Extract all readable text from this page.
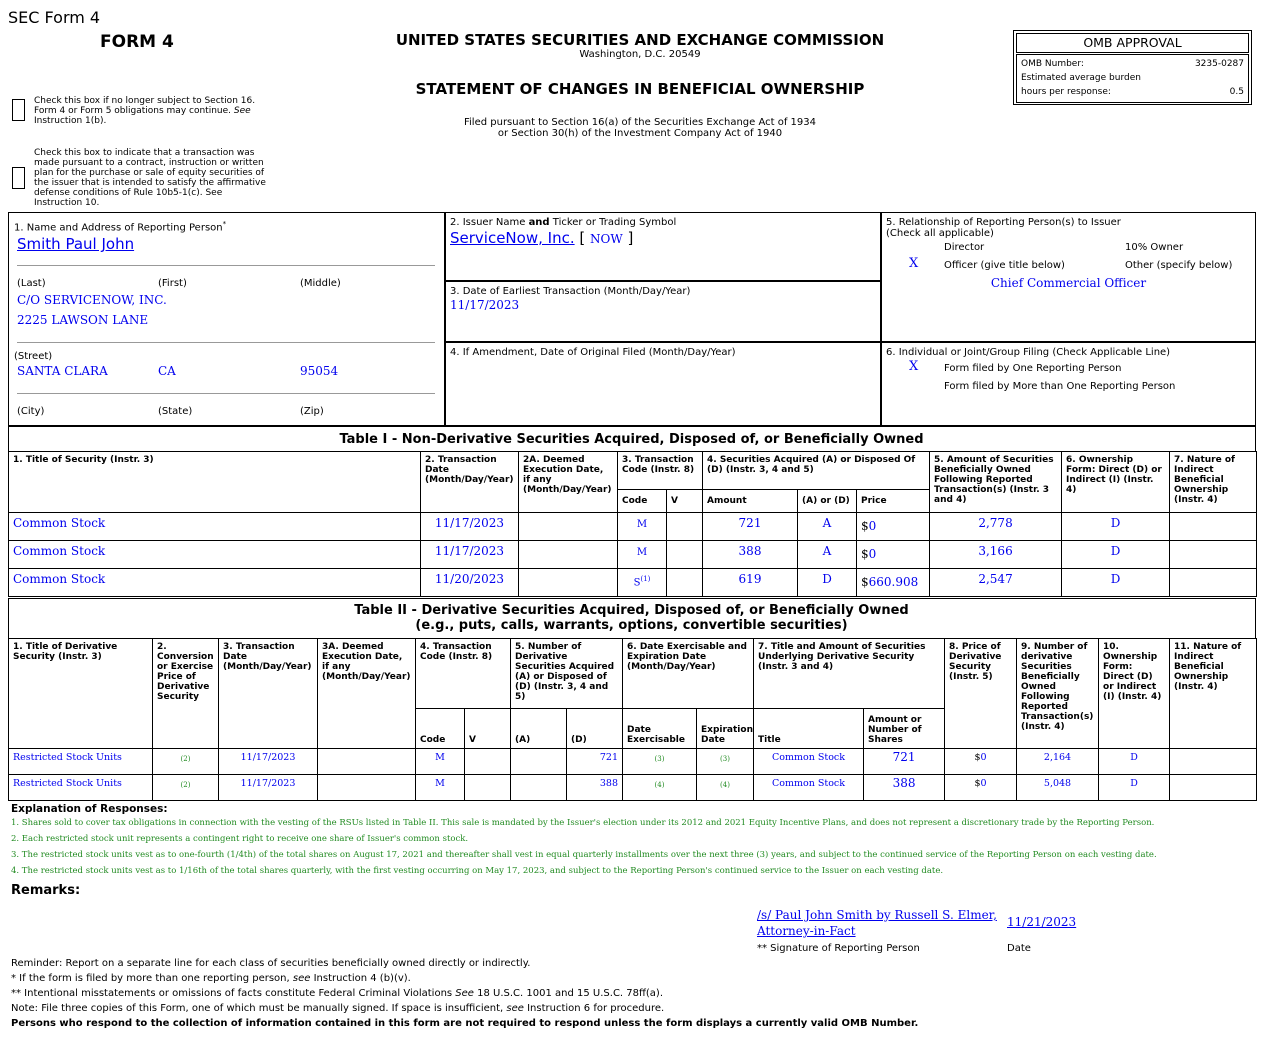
SEC Form 4
FORM 4	UNITED STATES SECURITIES AND EXCHANGE COMMISSION
Washington, D.C. 20549
STATEMENT OF CHANGES IN BENEFICIAL OWNERSHIP
Filed pursuant to Section 16(a) of the Securities Exchange Act of 1934
or Section 30(h) of the Investment Company Act of 1940
OMB APPROVAL
OMB Number:	3235-0287
Estimated average burden
hours per response:	0.5
Check this box if no longer subject to Section 16.
Form 4 or Form 5 obligations may continue. See
Instruction 1(b).
Check this box to indicate that a transaction was
made pursuant to a contract, instruction or written
plan for the purchase or sale of equity securities of
the issuer that is intended to satisfy the affirmative
defense conditions of Rule 10b5-1(c). See
Instruction 10.
1. Name and Address of Reporting Person*
Smith Paul John
(Last)	(First)	(Middle)
C/O SERVICENOW, INC.
2225 LAWSON LANE
(Street)
SANTA CLARA	CA	95054
(City)	(State)	(Zip)
2. Issuer Name and Ticker or Trading Symbol
ServiceNow, Inc. [ NOW ]
3. Date of Earliest Transaction (Month/Day/Year)
11/17/2023
4. If Amendment, Date of Original Filed (Month/Day/Year)
5. Relationship of Reporting Person(s) to Issuer
(Check all applicable)
Director	10% Owner
X	Officer (give title below)	Other (specify below)
Chief Commercial Officer
6. Individual or Joint/Group Filing (Check Applicable Line)
X	Form filed by One Reporting Person
Form filed by More than One Reporting Person
Table I - Non-Derivative Securities Acquired, Disposed of, or Beneficially Owned
1. Title of Security (Instr. 3)	2. Transaction Date (Month/Day/Year)	2A. Deemed Execution Date, if any (Month/Day/Year)	3. Transaction Code (Instr. 8)		4. Securities Acquired (A) or Disposed Of (D) (Instr. 3, 4 and 5)			5. Amount of Securities Beneficially Owned Following Reported Transaction(s) (Instr. 3 and 4)	6. Ownership Form: Direct (D) or Indirect (I) (Instr. 4)	7. Nature of Indirect Beneficial Ownership (Instr. 4)
			Code	V	Amount	(A) or (D)	Price			
Common Stock	11/17/2023		M		721	A	$0	2,778	D	
Common Stock	11/17/2023		M		388	A	$0	3,166	D	
Common Stock	11/20/2023		$S^{(1)}$		619	D	$660.908	2,547	D	
Table II - Derivative Securities Acquired, Disposed of, or Beneficially Owned
(e.g., puts, calls, warrants, options, convertible securities)
1. Title of Derivative Security (Instr. 3)	2. Conversion or Exercise Price of Derivative Security	3. Transaction Date (Month/Day/Year)	3A. Deemed Execution Date, if any (Month/Day/Year)	4. Transaction Code (Instr. 8)		5. Number of Derivative Securities Acquired (A) or Disposed of (D) (Instr. 3, 4 and 5)		6. Date Exercisable and Expiration Date (Month/Day/Year)		7. Title and Amount of Securities Underlying Derivative Security (Instr. 3 and 4)		8. Price of Derivative Security (Instr. 5)	9. Number of derivative Securities Beneficially Owned Following Reported Transaction(s) (Instr. 4)	10. Ownership Form: Direct (D) or Indirect (I) (Instr. 4)	11. Nature of Indirect Beneficial Ownership (Instr. 4)
				Code	V	(A)	(D)	Date Exercisable	Expiration Date	Title	Amount or Number of Shares				
Restricted Stock Units	(2)	11/17/2023		M			721	(3)	(3)	Common Stock	721	$0	2,164	D	
Restricted Stock Units	(2)	11/17/2023		M			388	(4)	(4)	Common Stock	388	$0	5,048	D	
Explanation of Responses:
1. Shares sold to cover tax obligations in connection with the vesting of the RSUs listed in Table II. This sale is mandated by the Issuer's election under its 2012 and 2021 Equity Incentive Plans, and does not represent a discretionary trade by the Reporting Person.
2. Each restricted stock unit represents a contingent right to receive one share of Issuer's common stock.
3. The restricted stock units vest as to one-fourth (1/4th) of the total shares on August 17, 2021 and thereafter shall vest in equal quarterly installments over the next three (3) years, and subject to the continued service of the Reporting Person on each vesting date.
4. The restricted stock units vest as to 1/16th of the total shares quarterly, with the first vesting occurring on May 17, 2023, and subject to the Reporting Person's continued service to the Issuer on each vesting date.
Remarks:
/s/ Paul John Smith by Russell S. Elmer,
Attorney-in-Fact
11/21/2023
** Signature of Reporting Person	Date
Reminder: Report on a separate line for each class of securities beneficially owned directly or indirectly.
* If the form is filed by more than one reporting person, see Instruction 4 (b)(v).
** Intentional misstatements or omissions of facts constitute Federal Criminal Violations See 18 U.S.C. 1001 and 15 U.S.C. 78ff(a).
Note: File three copies of this Form, one of which must be manually signed. If space is insufficient, see Instruction 6 for procedure.
Persons who respond to the collection of information contained in this form are not required to respond unless the form displays a currently valid OMB Number.
